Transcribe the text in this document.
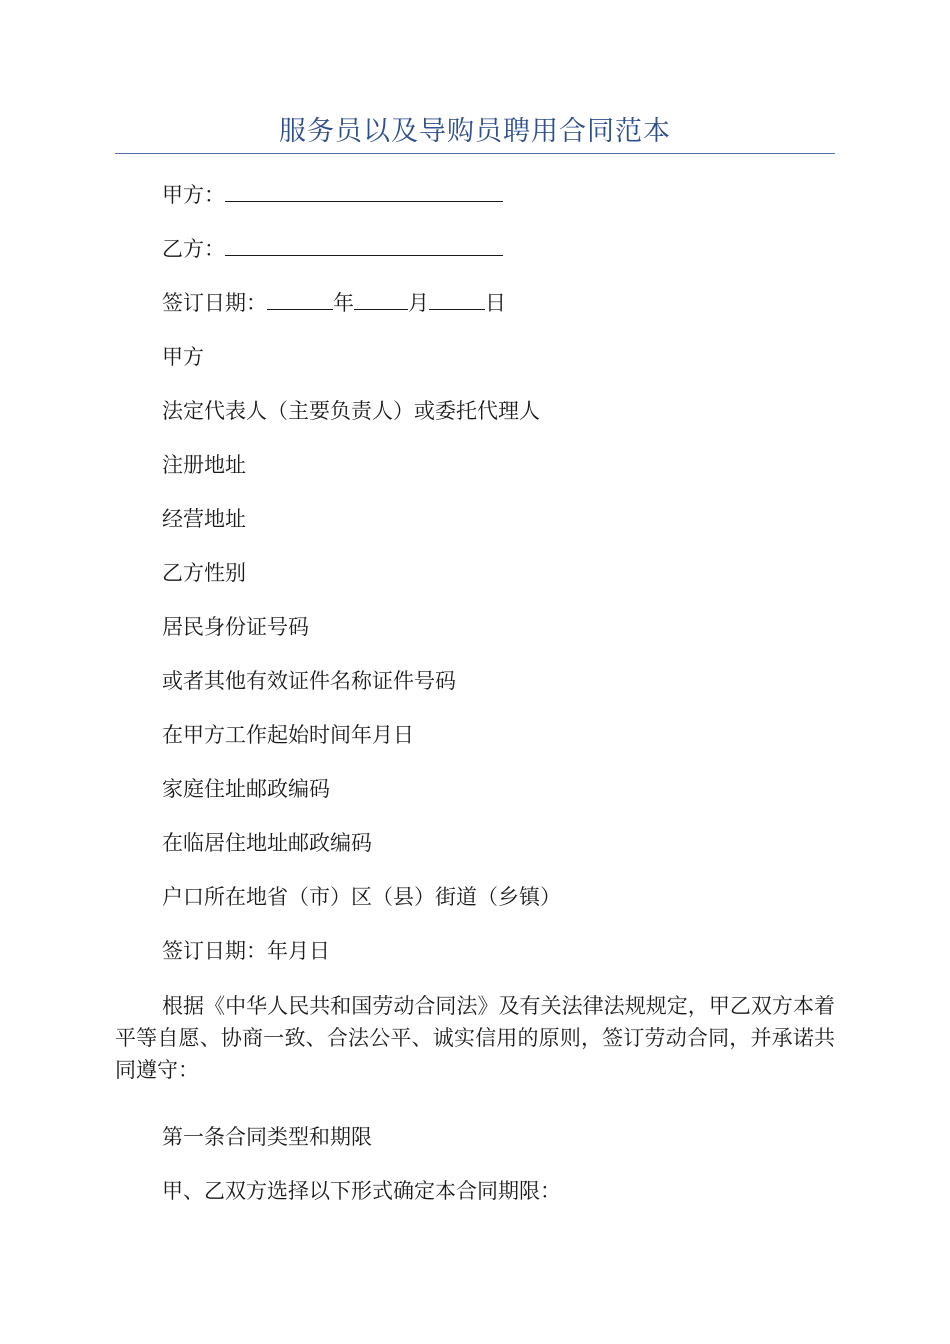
服务员以及导购员聘用合同范本
甲方：
乙方：
签订日期：	年	月	日
甲方
法定代表人（主要负责人）或委托代理人
注册地址
经营地址
乙方性别
居民身份证号码
或者其他有效证件名称证件号码
在甲方工作起始时间年月日
家庭住址邮政编码
在临居住地址邮政编码
户口所在地省（市）区（县）街道（乡镇）
签订日期：年月日
根据《中华人民共和国劳动合同法》及有关法律法规规定，甲乙双方本着平等自愿、协商一致、合法公平、诚实信用的原则，签订劳动合同，并承诺共同遵守：
第一条合同类型和期限
甲、乙双方选择以下形式确定本合同期限：
